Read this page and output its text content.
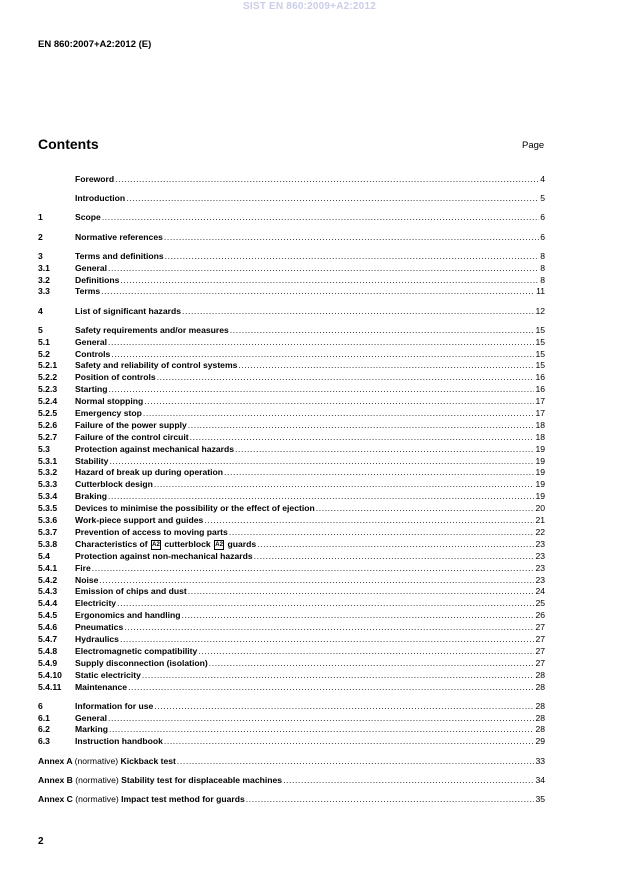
SIST EN 860:2009+A2:2012
EN 860:2007+A2:2012 (E)
Contents	Page
Foreword .....	4
Introduction .....	5
1	Scope .....	6
2	Normative references .....	6
3	Terms and definitions .....	8
3.1	General .....	8
3.2	Definitions .....	8
3.3	Terms .....	11
4	List of significant hazards .....	12
5	Safety requirements and/or measures .....	15
5.1	General .....	15
5.2	Controls .....	15
5.2.1	Safety and reliability of control systems .....	15
5.2.2	Position of controls .....	16
5.2.3	Starting .....	16
5.2.4	Normal stopping .....	17
5.2.5	Emergency stop .....	17
5.2.6	Failure of the power supply .....	18
5.2.7	Failure of the control circuit .....	18
5.3	Protection against mechanical hazards .....	19
5.3.1	Stability .....	19
5.3.2	Hazard of break up during operation .....	19
5.3.3	Cutterblock design .....	19
5.3.4	Braking .....	19
5.3.5	Devices to minimise the possibility or the effect of ejection .....	20
5.3.6	Work-piece support and guides .....	21
5.3.7	Prevention of access to moving parts .....	22
5.3.8	Characteristics of A2 cutterblock A2 guards .....	23
5.4	Protection against non-mechanical hazards .....	23
5.4.1	Fire .....	23
5.4.2	Noise .....	23
5.4.3	Emission of chips and dust .....	24
5.4.4	Electricity .....	25
5.4.5	Ergonomics and handling .....	26
5.4.6	Pneumatics .....	27
5.4.7	Hydraulics .....	27
5.4.8	Electromagnetic compatibility .....	27
5.4.9	Supply disconnection (isolation) .....	27
5.4.10	Static electricity .....	28
5.4.11	Maintenance .....	28
6	Information for use .....	28
6.1	General .....	28
6.2	Marking .....	28
6.3	Instruction handbook .....	29
Annex A (normative) Kickback test .....	33
Annex B (normative) Stability test for displaceable machines .....	34
Annex C (normative) Impact test method for guards .....	35
2
